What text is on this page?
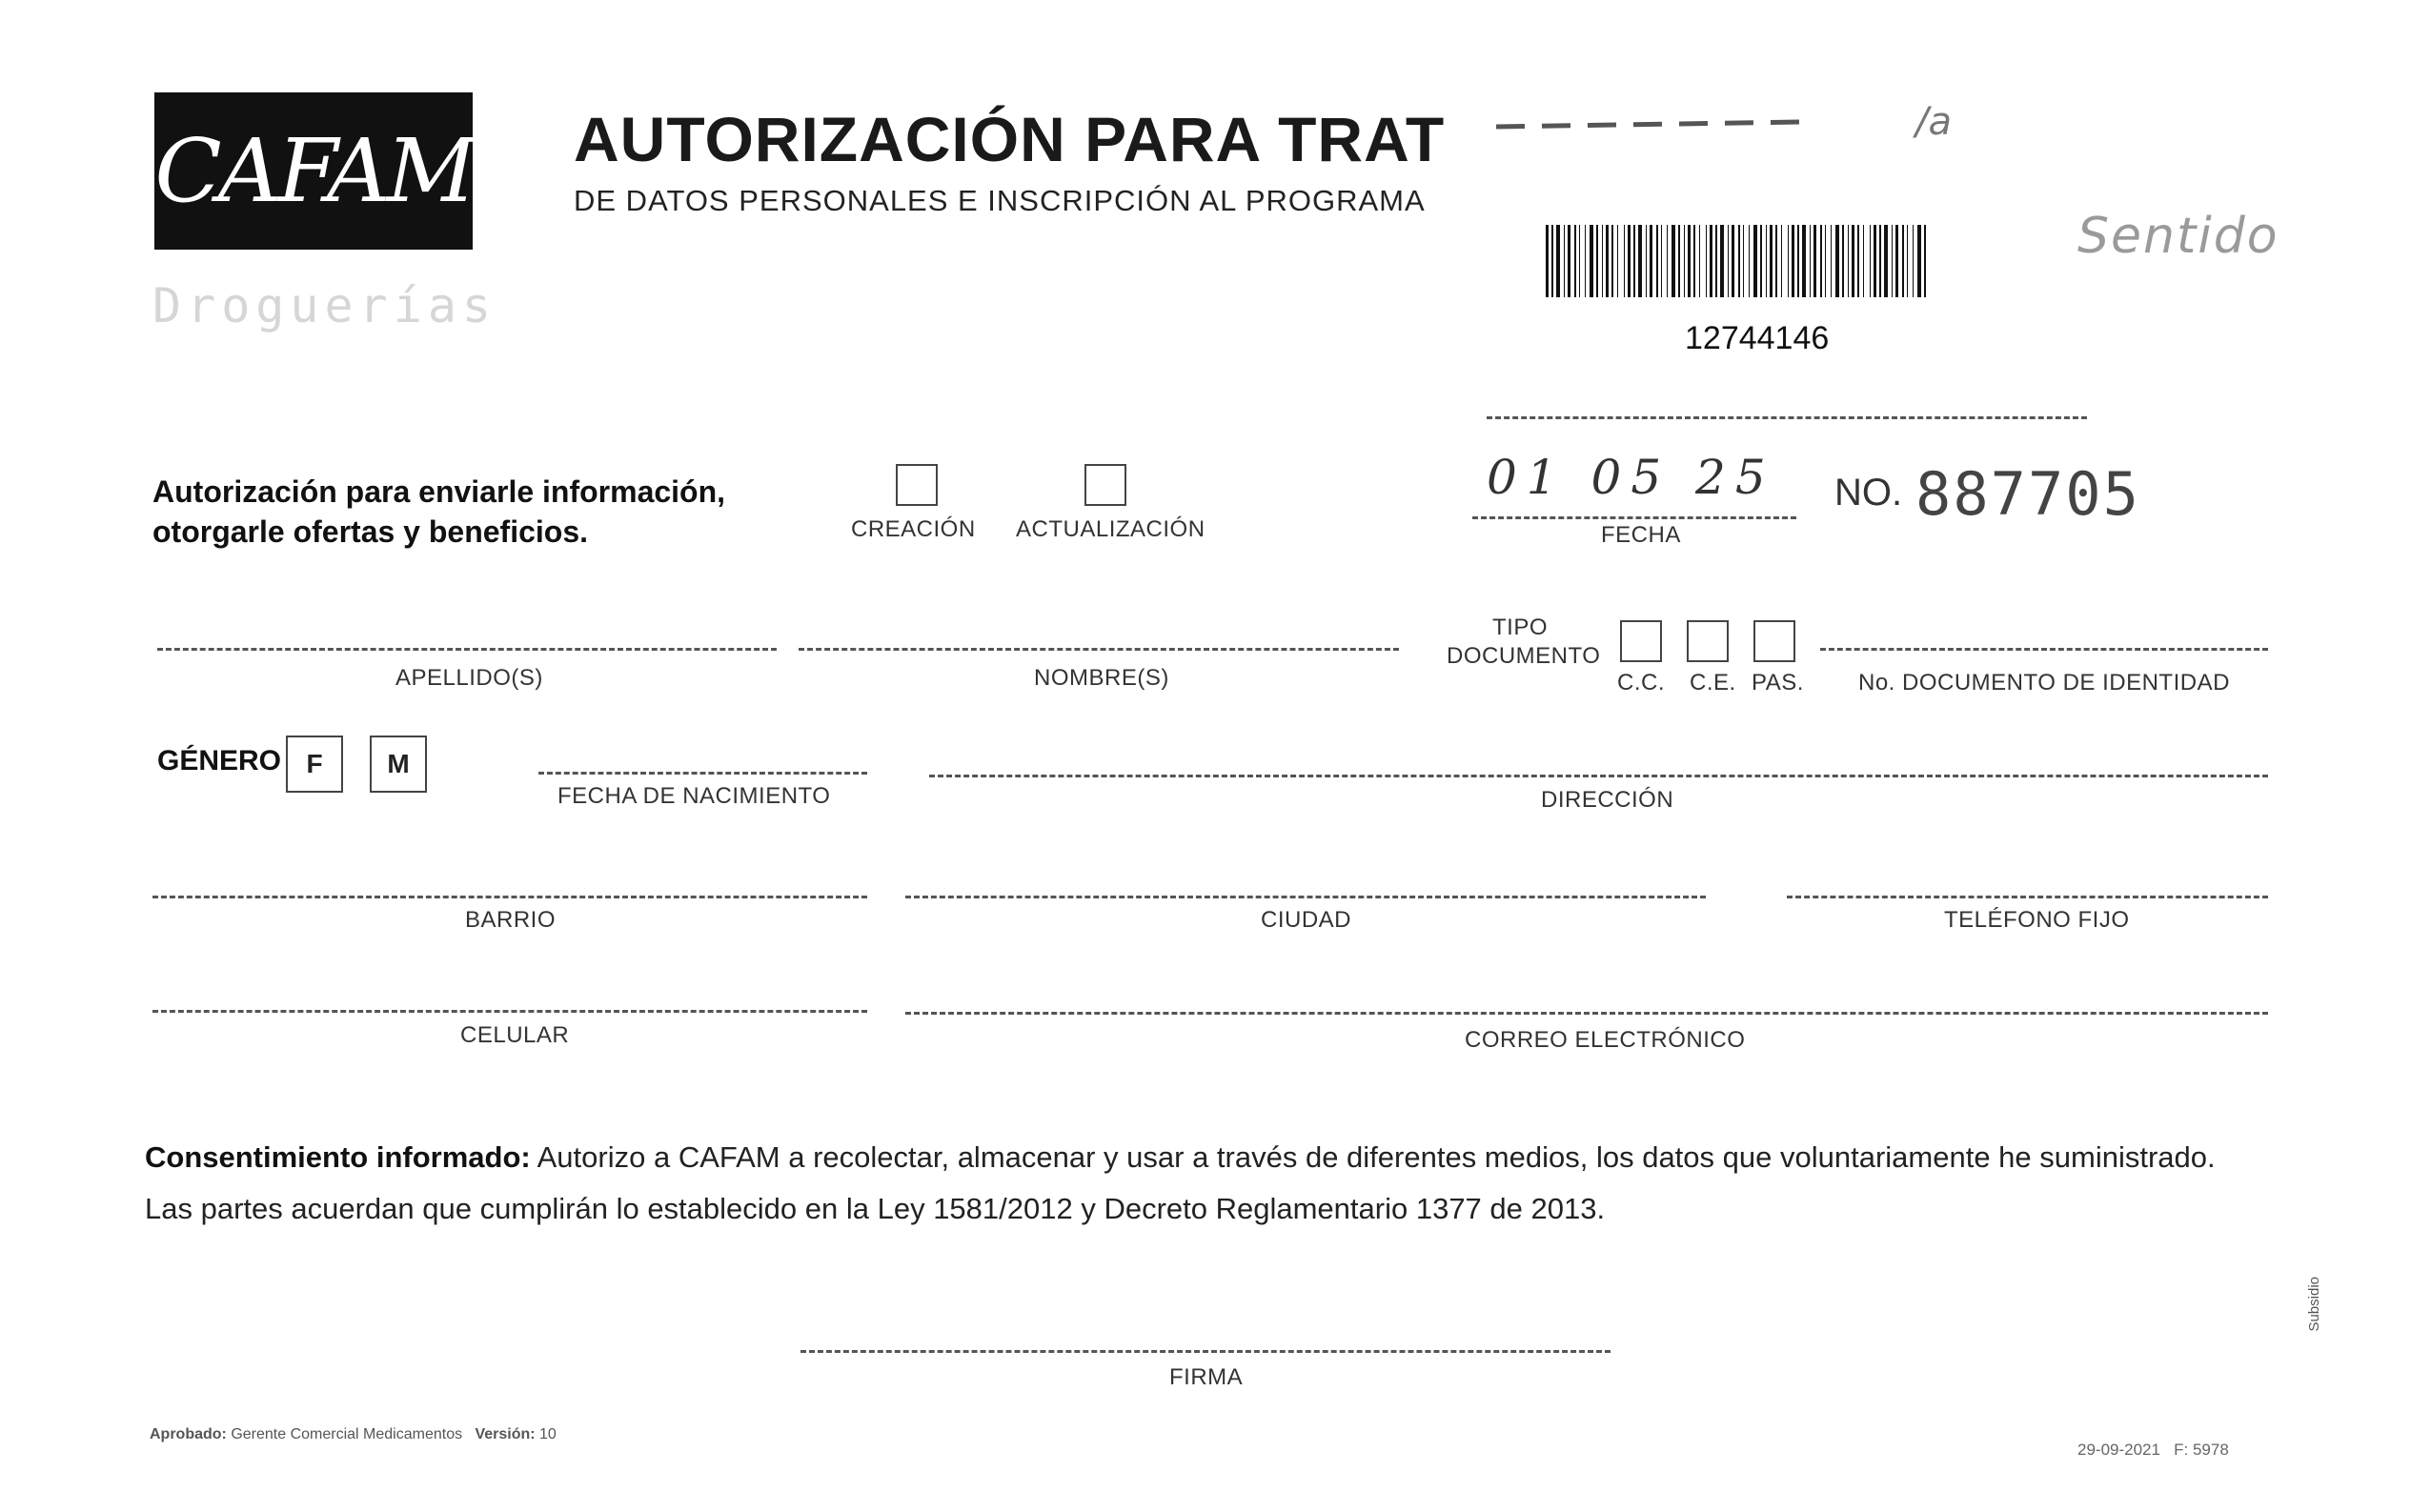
CAFAM
Droguerías
AUTORIZACIÓN PARA TRAT
DE DATOS PERSONALES E INSCRIPCIÓN AL PROGRAMA
/a
12744146
Sentido
Autorización para enviarle información,
otorgarle ofertas y beneficios.	CREACIÓN ACTUALIZACIÓN
01 05 25
FECHA
NO. 887705
APELLIDO(S)	NOMBRE(S)
TIPO
DOCUMENTO
C.C. C.E. PAS. No. DOCUMENTO DE IDENTIDAD
GÉNERO F M
FECHA DE NACIMIENTO	DIRECCIÓN
BARRIO	CIUDAD	TELÉFONO FIJO
CELULAR	CORREO ELECTRÓNICO
Consentimiento informado: Autorizo a CAFAM a recolectar, almacenar y usar a través de diferentes medios, los datos que voluntariamente he suministrado.
Las partes acuerdan que cumplirán lo establecido en la Ley 1581/2012 y Decreto Reglamentario 1377 de 2013.
FIRMA
Aprobado: Gerente Comercial Medicamentos Versión: 10
29-09-2021 F: 5978
Subsidio
